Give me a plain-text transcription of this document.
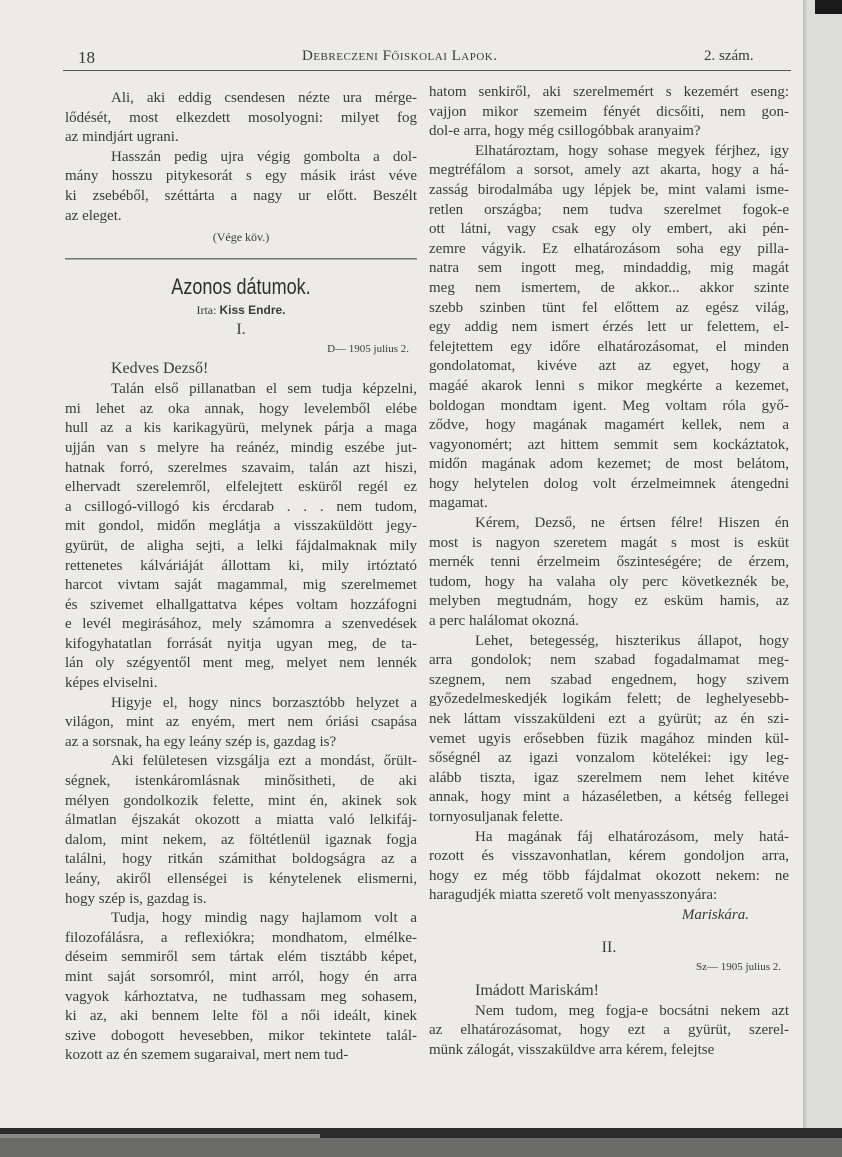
18	Debreczeni Főiskolai Lapok.	2. szám.
Ali, aki eddig csendesen nézte ura mérge-
lődését, most elkezdett mosolyogni: milyet fog
az mindjárt ugrani.
Hasszán pedig ujra végig gombolta a dol-
mány hosszu pitykesorát s egy másik irást véve
ki zsebéből, széttárta a nagy ur előtt. Beszélt
az eleget.
(Vége köv.)
Azonos dátumok.
Irta: Kiss Endre.
I.
D— 1905 julius 2.
Kedves Dezső!
Talán első pillanatban el sem tudja képzelni,
mi lehet az oka annak, hogy levelemből elébe
hull az a kis karikagyürü, melynek párja a maga
ujján van s melyre ha reánéz, mindig eszébe jut-
hatnak forró, szerelmes szavaim, talán azt hiszi,
elhervadt szerelemről, elfelejtett esküről regél ez
a csillogó-villogó kis ércdarab . . . nem tudom,
mit gondol, midőn meglátja a visszaküldött jegy-
gyürüt, de aligha sejti, a lelki fájdalmaknak mily
rettenetes kálváriáját állottam ki, mily irtóztató
harcot vivtam saját magammal, mig szerelmemet
és szivemet elhallgattatva képes voltam hozzáfogni
e levél megirásához, mely számomra a szenvedések
kifogyhatatlan forrását nyitja ugyan meg, de ta-
lán oly szégyentől ment meg, melyet nem lennék
képes elviselni.
Higyje el, hogy nincs borzasztóbb helyzet a
világon, mint az enyém, mert nem óriási csapása
az a sorsnak, ha egy leány szép is, gazdag is?
Aki felületesen vizsgálja ezt a mondást, őrült-
ségnek, istenkáromlásnak minősitheti, de aki
mélyen gondolkozik felette, mint én, akinek sok
álmatlan éjszakát okozott a miatta való lelkifáj-
dalom, mint nekem, az föltétlenül igaznak fogja
találni, hogy ritkán számithat boldogságra az a
leány, akiről ellenségei is kénytelenek elismerni,
hogy szép is, gazdag is.
Tudja, hogy mindig nagy hajlamom volt a
filozofálásra, a reflexiókra; mondhatom, elmélke-
déseim semmiről sem tártak elém tisztább képet,
mint saját sorsomról, mint arról, hogy én arra
vagyok kárhoztatva, ne tudhassam meg sohasem,
ki az, aki bennem lelte föl a női ideált, kinek
szive dobogott hevesebben, mikor tekintete talál-
kozott az én szemem sugaraival, mert nem tud-
hatom senkiről, aki szerelmemért s kezemért eseng:
vajjon mikor szemeim fényét dicsőiti, nem gon-
dol-e arra, hogy még csillogóbbak aranyaim?
Elhatároztam, hogy sohase megyek férjhez, igy
megtréfálom a sorsot, amely azt akarta, hogy a há-
zasság birodalmába ugy lépjek be, mint valami isme-
retlen országba; nem tudva szerelmet fogok-e
ott látni, vagy csak egy oly embert, aki pén-
zemre vágyik. Ez elhatározásom soha egy pilla-
natra sem ingott meg, mindaddig, mig magát
meg nem ismertem, de akkor... akkor szinte
szebb szinben tünt fel előttem az egész világ,
egy addig nem ismert érzés lett ur felettem, el-
felejtettem egy időre elhatározásomat, el minden
gondolatomat, kivéve azt az egyet, hogy a
magáé akarok lenni s mikor megkérte a kezemet,
boldogan mondtam igent. Meg voltam róla győ-
ződve, hogy magának magamért kellek, nem a
vagyonomért; azt hittem semmit sem kockáztatok,
midőn magának adom kezemet; de most belátom,
hogy helytelen dolog volt érzelmeimnek átengedni
magamat.
Kérem, Dezső, ne értsen félre! Hiszen én
most is nagyon szeretem magát s most is esküt
mernék tenni érzelmeim őszinteségére; de érzem,
tudom, hogy ha valaha oly perc következnék be,
melyben megtudnám, hogy ez esküm hamis, az
a perc halálomat okozná.
Lehet, betegesség, hiszterikus állapot, hogy
arra gondolok; nem szabad fogadalmamat meg-
szegnem, nem szabad engednem, hogy szivem
győzedelmeskedjék logikám felett; de leghelyesebb-
nek láttam visszaküldeni ezt a gyürüt; az én szi-
vemet ugyis erősebben füzik magához minden kül-
sőségnél az igazi vonzalom kötelékei: igy leg-
alább tiszta, igaz szerelmem nem lehet kitéve
annak, hogy mint a házaséletben, a kétség fellegei
tornyosuljanak felette.
Ha magának fáj elhatározásom, mely hatá-
rozott és visszavonhatlan, kérem gondoljon arra,
hogy ez még több fájdalmat okozott nekem: ne
haragudjék miatta szerető volt menyasszonyára:
Mariskára.
II.
Sz— 1905 julius 2.
Imádott Mariskám!
Nem tudom, meg fogja-e bocsátni nekem azt
az elhatározásomat, hogy ezt a gyürüt, szerel-
münk zálogát, visszaküldve arra kérem, felejtse
